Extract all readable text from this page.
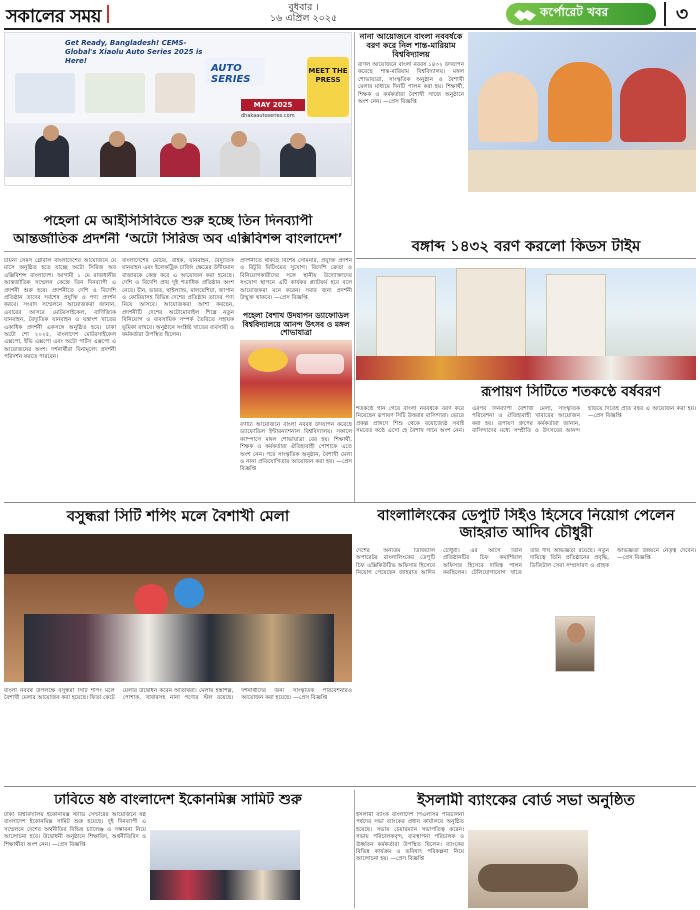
সকালের সময়	বুধবার ।
১৬ এপ্রিল ২০২৫	কর্পোরেট খবর	৩
Get Ready, Bangladesh! CEMS-Global's Xiaolu Auto Series 2025 is Here!
AUTO SERIES
MAY 2025
dhakaautoseries.com
MEET THE PRESS
পহেলা মে আইসিসিবিতে শুরু হচ্ছে তিন দিনব্যাপী
আন্তর্জাতিক প্রদর্শনী ‘অটো সিরিজ অব এক্সিবিশন্স বাংলাদেশ’
চায়না সেমস গ্লোবাল বাংলাদেশের আয়োজনে মে মাসে অনুষ্ঠিত হতে যাচ্ছে অটো সিরিজ অব এক্সিবিশন্স বাংলাদেশ। আগামী ১ মে রাজধানীর আন্তর্জাতিক সম্মেলন কেন্দ্রে তিন দিনব্যাপী এ প্রদর্শনী শুরু হবে। প্রদর্শনীতে দেশি ও বিদেশি প্রতিষ্ঠান তাদের সর্বশেষ প্রযুক্তি ও পণ্য প্রদর্শন করবে। সংবাদ সম্মেলনে আয়োজকরা জানান, এবারের আসরে মোটরসাইকেল, বাণিজ্যিক যানবাহন, বৈদ্যুতিক যানবাহন ও যন্ত্রাংশ খাতের একাধিক প্রদর্শনী একসঙ্গে অনুষ্ঠিত হবে। ঢাকা অটো শো ২০২৫, বাংলাদেশ মোটরসাইকেল এক্সপো, ইভি এক্সপো এবং অটো পার্টস এক্সপো এ আয়োজনের অংশ। দর্শনার্থীরা বিনামূল্যে প্রদর্শনী পরিদর্শন করতে পারবেন।
বাংলাদেশের মোটর, বাইক, যানবাহন, বৈদ্যুতিক যানবাহন এবং ইলেকট্রিক চার্জিং ক্ষেত্রের উদীয়মান বাজারকে কেন্দ্র করে এ আয়োজন করা হয়েছে। দেশি ও বিদেশি প্রায় দুই শতাধিক প্রতিষ্ঠান অংশ নেবে। চীন, ভারত, থাইল্যান্ড, মালয়েশিয়া, জাপান ও কোরিয়াসহ বিভিন্ন দেশের প্রতিষ্ঠান তাদের পণ্য নিয়ে আসবে। আয়োজকরা আশা করছেন, প্রদর্শনীটি দেশের অটোমোবাইল শিল্পে নতুন বিনিয়োগ ও ব্যবসায়িক সম্পর্ক তৈরিতে সহায়ক ভূমিকা রাখবে। অনুষ্ঠানে সংশ্লিষ্ট খাতের ব্যবসায়ী ও কর্মকর্তারা উপস্থিত ছিলেন।
প্রদর্শনীতে থাকছে বিশেষ সেমিনার, প্রযুক্তি প্রদর্শন ও বিটুবি মিটিংয়ের সুযোগ। বিদেশি ক্রেতা ও বিনিয়োগকারীদের সঙ্গে স্থানীয় উদ্যোক্তাদের সংযোগ স্থাপনে এটি কার্যকর প্ল্যাটফর্ম হবে বলে আয়োজকরা মনে করেন। সবার জন্য প্রদর্শনী উন্মুক্ত থাকবে। —প্রেস বিজ্ঞপ্তি
পহেলা বৈশাখ উদযাপন ড্যাফোডিল বিশ্ববিদ্যালয়ে আনন্দ উৎসব ও মঙ্গল শোভাযাত্রা
বর্ণাঢ্য আয়োজনে বাংলা নববর্ষ উদযাপন করেছে ড্যাফোডিল ইন্টারন্যাশনাল বিশ্ববিদ্যালয়। সকালে ক্যাম্পাসে মঙ্গল শোভাযাত্রা বের হয়। শিক্ষার্থী, শিক্ষক ও কর্মকর্তারা ঐতিহ্যবাহী পোশাকে এতে অংশ নেন। পরে সাংস্কৃতিক অনুষ্ঠান, বৈশাখী মেলা ও নানা প্রতিযোগিতার আয়োজন করা হয়। —প্রেস বিজ্ঞপ্তি
নানা আয়োজনে বাংলা নববর্ষকে বরণ করে নিল শান্ত-মারিয়াম বিশ্ববিদ্যালয়
বর্ণিল আয়োজনে বাংলা নববর্ষ ১৪৩২ উদযাপন করেছে শান্ত-মারিয়াম বিশ্ববিদ্যালয়। মঙ্গল শোভাযাত্রা, সাংস্কৃতিক অনুষ্ঠান ও বৈশাখী মেলার মাধ্যমে দিনটি পালন করা হয়। শিক্ষার্থী, শিক্ষক ও কর্মকর্তারা বৈশাখী সাজে অনুষ্ঠানে অংশ নেন। —প্রেস বিজ্ঞপ্তি
বঙ্গাব্দ ১৪৩২ বরণ করলো কিডস টাইম
রূপায়ণ সিটিতে শতকণ্ঠে বর্ষবরণ
শতকণ্ঠে গান গেয়ে বাংলা নববর্ষকে বরণ করে নিয়েছেন রূপায়ণ সিটি উত্তরার বাসিন্দারা। ভোরে প্রকল্প প্রাঙ্গণে শিশু থেকে বয়োজ্যেষ্ঠ সবাই সমবেত কণ্ঠে এসো হে বৈশাখ গানে অংশ নেন। এরপর দিনব্যাপী বৈশাখী মেলা, সাংস্কৃতিক পরিবেশনা ও ঐতিহ্যবাহী খাবারের আয়োজন করা হয়। রূপায়ণ গ্রুপের কর্মকর্তারা জানান, বাসিন্দাদের মধ্যে সম্প্রীতি ও উৎসবের আনন্দ ছড়িয়ে দিতেই প্রতি বছর এ আয়োজন করা হয়। —প্রেস বিজ্ঞপ্তি
বসুন্ধরা সিটি শপিং মলে বৈশাখী মেলা
বাংলা নববর্ষ উপলক্ষে বসুন্ধরা সিটি শপিং মলে বৈশাখী মেলার আয়োজন করা হয়েছে। ফিতা কেটে মেলার উদ্বোধন করেন অতিথিরা। মেলায় হস্তশিল্প, পোশাক, খাবারসহ নানা পণ্যের স্টল রয়েছে। দর্শনার্থীদের জন্য সাংস্কৃতিক পরিবেশনারও আয়োজন করা হয়েছে। —প্রেস বিজ্ঞপ্তি
বাংলালিংকের ডেপুটি সিইও হিসেবে নিয়োগ পেলেন জাহরাত আদিব চৌধুরী
দেশের অন্যতম ডিজিটাল অপারেটর বাংলালিংকের ডেপুটি চিফ এক্সিকিউটিভ অফিসার হিসেবে নিয়োগ পেয়েছেন জাহরাত আদিব চৌধুরী। এর আগে তিনি প্রতিষ্ঠানটির চিফ কমার্শিয়াল অফিসার হিসেবে দায়িত্ব পালন করছিলেন। টেলিযোগাযোগ খাতে তাঁর দীর্ঘ অভিজ্ঞতা রয়েছে। নতুন দায়িত্বে তিনি প্রতিষ্ঠানের প্রবৃদ্ধি, ডিজিটাল সেবা সম্প্রসারণ ও গ্রাহক অভিজ্ঞতা উন্নয়নে নেতৃত্ব দেবেন। —প্রেস বিজ্ঞপ্তি
ঢাবিতে ষষ্ঠ বাংলাদেশ ইকোনমিক্স সামিট শুরু
ঢাকা বিশ্ববিদ্যালয় ইকোনমিক্স স্টাডি সেন্টারের আয়োজনে ষষ্ঠ বাংলাদেশ ইকোনমিক্স সামিট শুরু হয়েছে। দুই দিনব্যাপী এ সম্মেলনে দেশের অর্থনীতির বিভিন্ন চ্যালেঞ্জ ও সম্ভাবনা নিয়ে আলোচনা হবে। উদ্বোধনী অনুষ্ঠানে শিক্ষাবিদ, অর্থনীতিবিদ ও শিক্ষার্থীরা অংশ নেন। —প্রেস বিজ্ঞপ্তি
ইসলামী ব্যাংকের বোর্ড সভা অনুষ্ঠিত
ইসলামী ব্যাংক বাংলাদেশ পিএলসির পরিচালনা পর্ষদের সভা ব্যাংকের প্রধান কার্যালয়ে অনুষ্ঠিত হয়েছে। সভায় চেয়ারম্যান সভাপতিত্ব করেন। সভায় পরিচালকবৃন্দ, ব্যবস্থাপনা পরিচালক ও ঊর্ধ্বতন কর্মকর্তারা উপস্থিত ছিলেন। ব্যাংকের বিভিন্ন কার্যক্রম ও ভবিষ্যৎ পরিকল্পনা নিয়ে আলোচনা হয়। —প্রেস বিজ্ঞপ্তি
